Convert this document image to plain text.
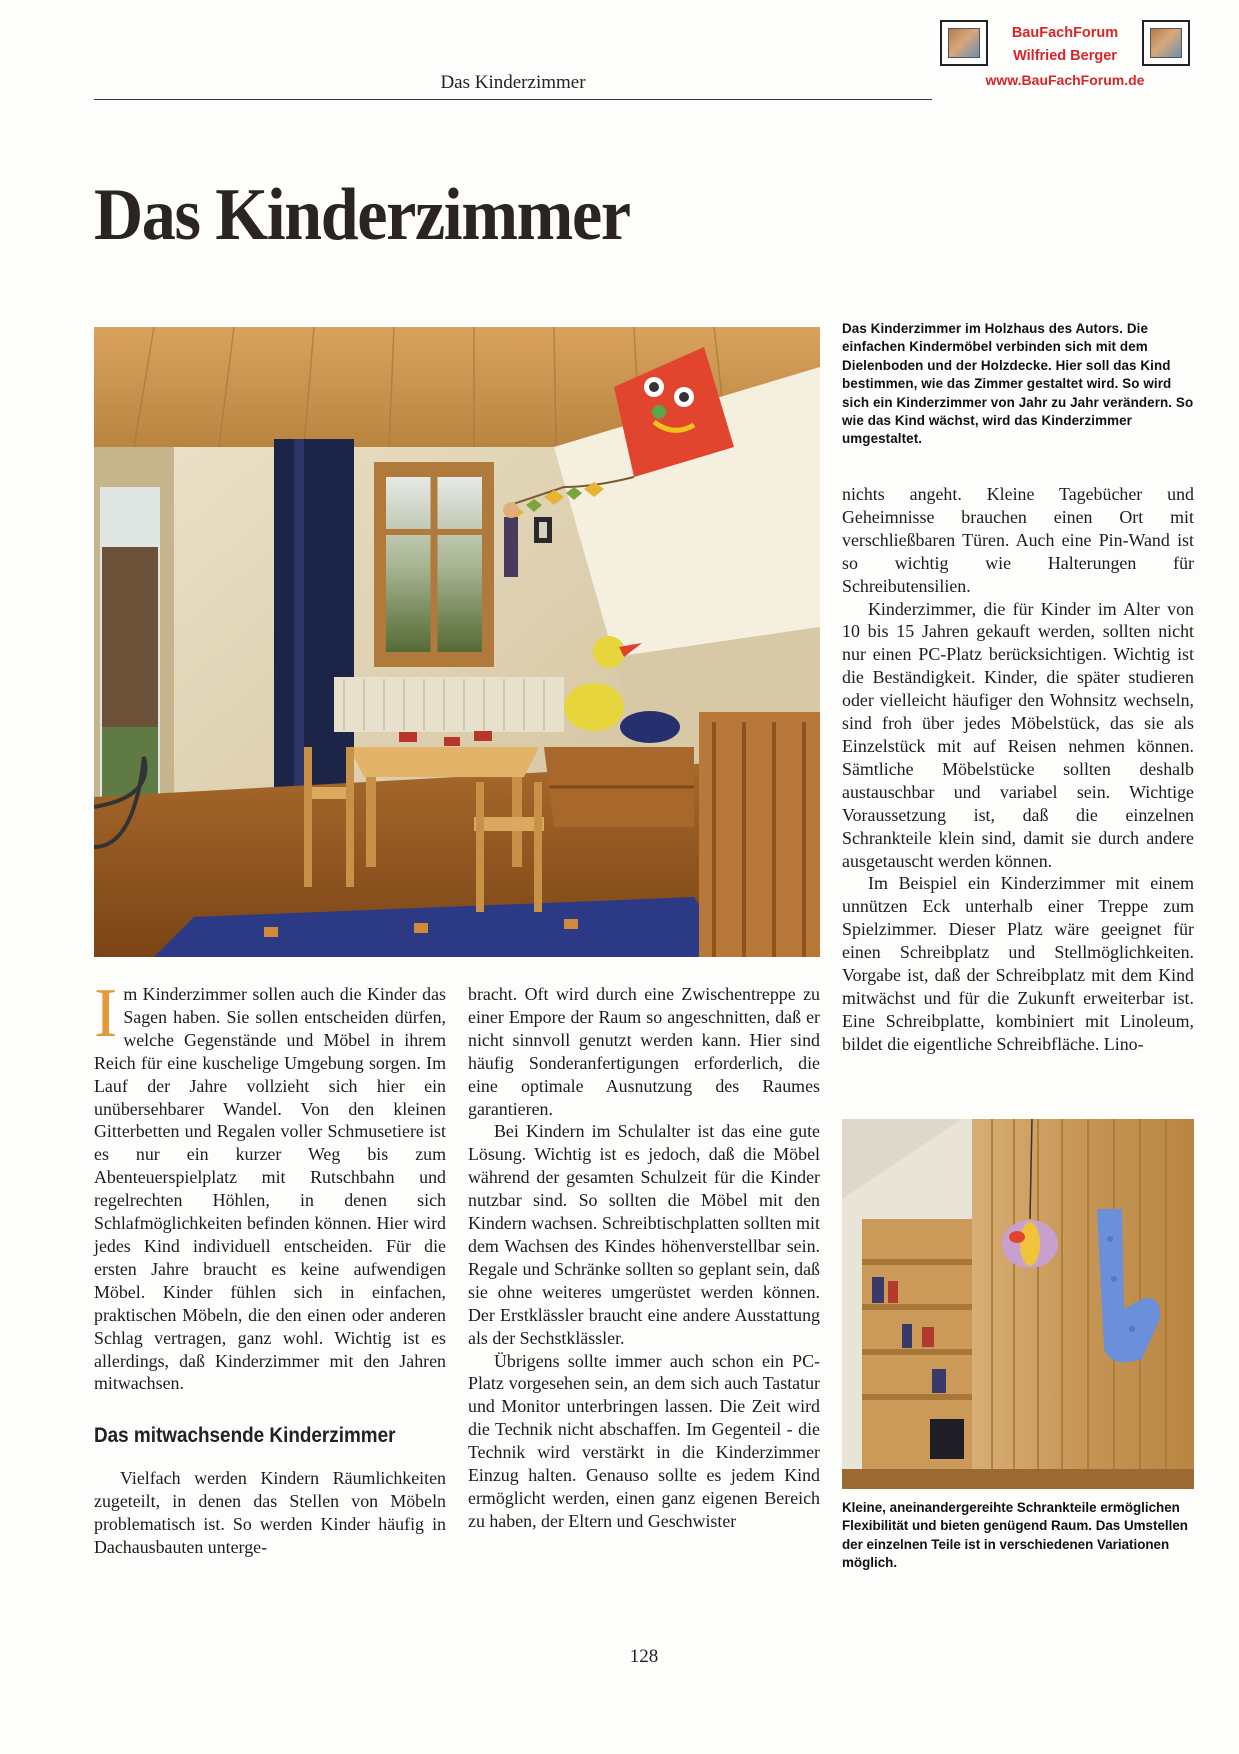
Das Kinderzimmer
BauFachForum
Wilfried Berger
www.BauFachForum.de
Das Kinderzimmer
Das Kinderzimmer im Holzhaus des Autors. Die einfachen Kindermöbel verbinden sich mit dem Dielenboden und der Holzdecke. Hier soll das Kind bestimmen, wie das Zimmer gestaltet wird. So wird sich ein Kinderzimmer von Jahr zu Jahr verändern. So wie das Kind wächst, wird das Kinderzimmer umgestaltet.

Im Kinderzimmer sollen auch die Kinder das Sagen haben. Sie sollen entscheiden dürfen, welche Gegenstände und Möbel in ihrem Reich für eine kuschelige Umgebung sorgen. Im Lauf der Jahre vollzieht sich hier ein unübersehbarer Wandel. Von den kleinen Gitterbetten und Regalen voller Schmusetiere ist es nur ein kurzer Weg bis zum Abenteuerspielplatz mit Rutschbahn und regelrechten Höhlen, in denen sich Schlafmöglichkeiten befinden können. Hier wird jedes Kind individuell entscheiden. Für die ersten Jahre braucht es keine aufwendigen Möbel. Kinder fühlen sich in einfachen, praktischen Möbeln, die den einen oder anderen Schlag vertragen, ganz wohl. Wichtig ist es allerdings, daß Kinderzimmer mit den Jahren mitwachsen.

Das mitwachsende Kinderzimmer

Vielfach werden Kindern Räumlichkeiten zugeteilt, in denen das Stellen von Möbeln problematisch ist. So werden Kinder häufig in Dachausbauten unterge-

bracht. Oft wird durch eine Zwischentreppe zu einer Empore der Raum so angeschnitten, daß er nicht sinnvoll genutzt werden kann. Hier sind häufig Sonderanfertigungen erforderlich, die eine optimale Ausnutzung des Raumes garantieren.

Bei Kindern im Schulalter ist das eine gute Lösung. Wichtig ist es jedoch, daß die Möbel während der gesamten Schulzeit für die Kinder nutzbar sind. So sollten die Möbel mit den Kindern wachsen. Schreibtischplatten sollten mit dem Wachsen des Kindes höhenverstellbar sein. Regale und Schränke sollten so geplant sein, daß sie ohne weiteres umgerüstet werden können. Der Erstklässler braucht eine andere Ausstattung als der Sechstklässler.

Übrigens sollte immer auch schon ein PC-Platz vorgesehen sein, an dem sich auch Tastatur und Monitor unterbringen lassen. Die Zeit wird die Technik nicht abschaffen. Im Gegenteil - die Technik wird verstärkt in die Kinderzimmer Einzug halten. Genauso sollte es jedem Kind ermöglicht werden, einen ganz eigenen Bereich zu haben, der Eltern und Geschwister

nichts angeht. Kleine Tagebücher und Geheimnisse brauchen einen Ort mit verschließbaren Türen. Auch eine Pin-Wand ist so wichtig wie Halterungen für Schreibutensilien.

Kinderzimmer, die für Kinder im Alter von 10 bis 15 Jahren gekauft werden, sollten nicht nur einen PC-Platz berücksichtigen. Wichtig ist die Beständigkeit. Kinder, die später studieren oder vielleicht häufiger den Wohnsitz wechseln, sind froh über jedes Möbelstück, das sie als Einzelstück mit auf Reisen nehmen können. Sämtliche Möbelstücke sollten deshalb austauschbar und variabel sein. Wichtige Voraussetzung ist, daß die einzelnen Schrankteile klein sind, damit sie durch andere ausgetauscht werden können.

Im Beispiel ein Kinderzimmer mit einem unnützen Eck unterhalb einer Treppe zum Spielzimmer. Dieser Platz wäre geeignet für einen Schreibplatz und Stellmöglichkeiten. Vorgabe ist, daß der Schreibplatz mit dem Kind mitwächst und für die Zukunft erweiterbar ist. Eine Schreibplatte, kombiniert mit Linoleum, bildet die eigentliche Schreibfläche. Lino-

Kleine, aneinandergereihte Schrankteile ermöglichen Flexibilität und bieten genügend Raum. Das Umstellen der einzelnen Teile ist in verschiedenen Variationen möglich.
128
